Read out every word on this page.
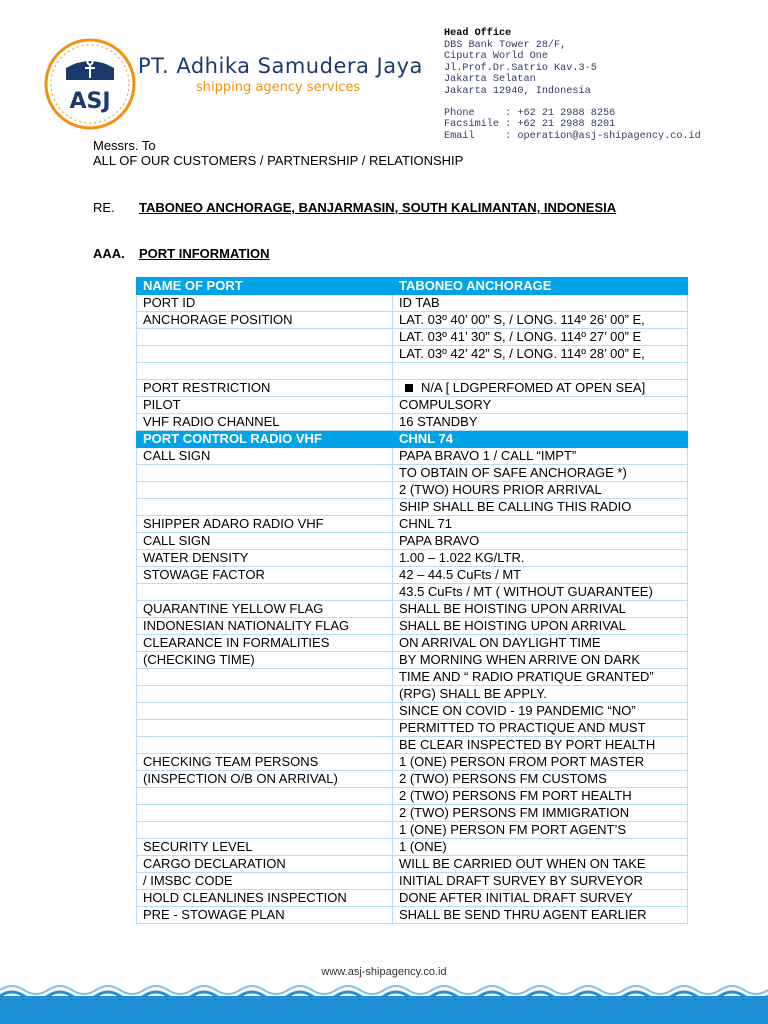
ASJ
PT. Adhika Samudera Jaya
shipping agency services
Head Office
DBS Bank Tower 28/F,
Ciputra World One
Jl.Prof.Dr.Satrio Kav.3-5
Jakarta Selatan
Jakarta 12940, Indonesia
Phone     : +62 21 2988 8256
Facsimile : +62 21 2988 8201
Email     : operation@asj-shipagency.co.id
Messrs. To
ALL OF OUR CUSTOMERS / PARTNERSHIP / RELATIONSHIP
RE. TABONEO ANCHORAGE, BANJARMASIN, SOUTH KALIMANTAN, INDONESIA
AAA. PORT INFORMATION
NAME OF PORT	TABONEO ANCHORAGE
PORT ID	ID TAB
ANCHORAGE POSITION	LAT. 03º 40’ 00” S, / LONG. 114º 26’ 00” E,
	LAT. 03º 41’ 30” S, / LONG. 114º 27’ 00” E
	LAT. 03º 42’ 42” S, / LONG. 114º 28’ 00” E,

PORT RESTRICTION	N/A [ LDGPERFOMED AT OPEN SEA]
PILOT	COMPULSORY
VHF RADIO CHANNEL	16 STANDBY
PORT CONTROL RADIO VHF	CHNL 74
CALL SIGN	PAPA BRAVO 1 / CALL “IMPT”
	TO OBTAIN OF SAFE ANCHORAGE *)
	2 (TWO) HOURS PRIOR ARRIVAL
	SHIP SHALL BE CALLING THIS RADIO
SHIPPER ADARO RADIO VHF	CHNL 71
CALL SIGN	PAPA BRAVO
WATER DENSITY	1.00 – 1.022 KG/LTR.
STOWAGE FACTOR	42 – 44.5 CuFts / MT
	43.5 CuFts / MT ( WITHOUT GUARANTEE)
QUARANTINE YELLOW FLAG	SHALL BE HOISTING UPON ARRIVAL
INDONESIAN NATIONALITY FLAG	SHALL BE HOISTING UPON ARRIVAL
CLEARANCE IN FORMALITIES	ON ARRIVAL ON DAYLIGHT TIME
(CHECKING TIME)	BY MORNING WHEN ARRIVE ON DARK
	TIME AND “ RADIO PRATIQUE GRANTED”
	(RPG) SHALL BE APPLY.
	SINCE ON COVID - 19 PANDEMIC “NO”
	PERMITTED TO PRACTIQUE AND MUST
	BE CLEAR INSPECTED BY PORT HEALTH
CHECKING TEAM PERSONS	1 (ONE) PERSON FROM PORT MASTER
(INSPECTION O/B ON ARRIVAL)	2 (TWO) PERSONS FM CUSTOMS
	2 (TWO) PERSONS FM PORT HEALTH
	2 (TWO) PERSONS FM IMMIGRATION
	1 (ONE) PERSON FM PORT AGENT’S
SECURITY LEVEL	1 (ONE)
CARGO DECLARATION	WILL BE CARRIED OUT WHEN ON TAKE
/ IMSBC CODE	INITIAL DRAFT SURVEY BY SURVEYOR
HOLD CLEANLINES INSPECTION	DONE AFTER INITIAL DRAFT SURVEY
PRE - STOWAGE PLAN	SHALL BE SEND THRU AGENT EARLIER
www.asj-shipagency.co.id
